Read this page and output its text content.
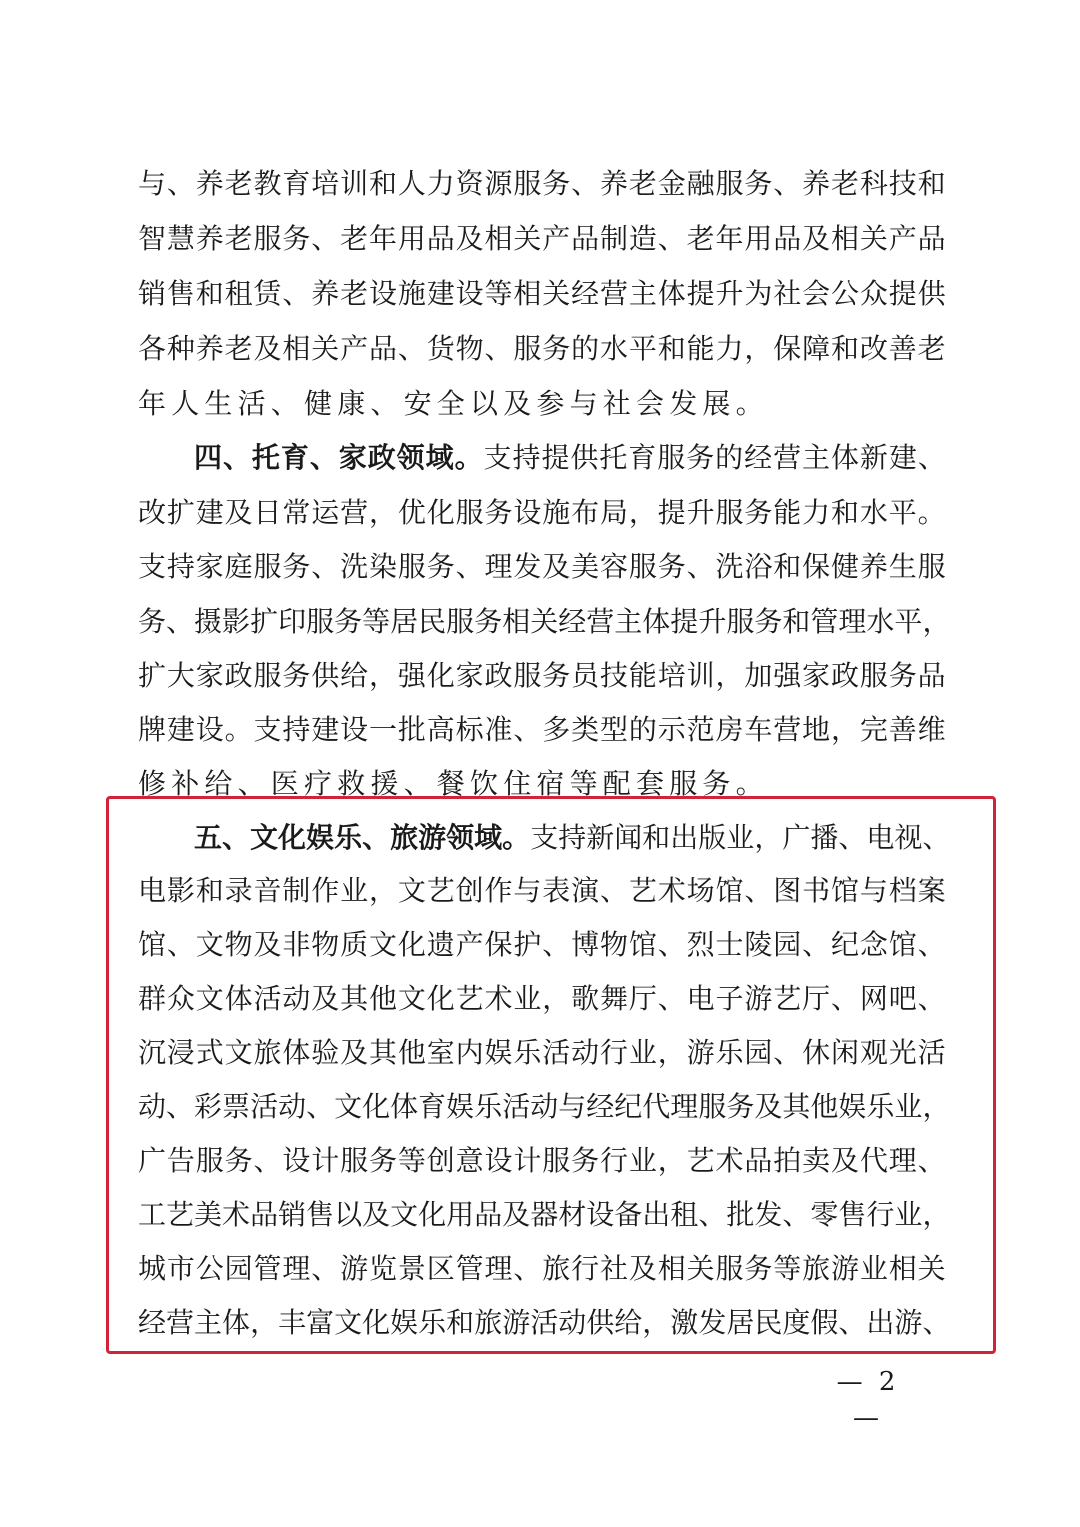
与 、 养 老 教 育 培 训 和 人 力 资 源 服 务 、 养 老 金 融 服 务 、 养 老 科 技 和
智 慧 养 老 服 务 、 老 年 用 品 及 相 关 产 品 制 造 、 老 年 用 品 及 相 关 产 品
销 售 和 租 赁 、 养 老 设 施 建 设 等 相 关 经 营 主 体 提 升 为 社 会 公 众 提 供
各 种 养 老 及 相 关 产 品 、 货 物 、 服 务 的 水 平 和 能 力 ， 保 障 和 改 善 老
年人生活、健康、安全以及参与社会发展。
四 、 托 育 、 家 政 领 域 。 支 持 提 供 托 育 服 务 的 经 营 主 体 新 建 、
改 扩 建 及 日 常 运 营 ， 优 化 服 务 设 施 布 局 ， 提 升 服 务 能 力 和 水 平 。
支 持 家 庭 服 务 、 洗 染 服 务 、 理 发 及 美 容 服 务 、 洗 浴 和 保 健 养 生 服
务 、 摄 影 扩 印 服 务 等 居 民 服 务 相 关 经 营 主 体 提 升 服 务 和 管 理 水 平 ，
扩 大 家 政 服 务 供 给 ， 强 化 家 政 服 务 员 技 能 培 训 ， 加 强 家 政 服 务 品
牌 建 设 。 支 持 建 设 一 批 高 标 准 、 多 类 型 的 示 范 房 车 营 地 ， 完 善 维
修补给、医疗救援、餐饮住宿等配套服务。
五 、 文 化 娱 乐 、 旅 游 领 域 。 支 持 新 闻 和 出 版 业 ， 广 播 、 电 视 、
电 影 和 录 音 制 作 业 ， 文 艺 创 作 与 表 演 、 艺 术 场 馆 、 图 书 馆 与 档 案
馆 、 文 物 及 非 物 质 文 化 遗 产 保 护 、 博 物 馆 、 烈 士 陵 园 、 纪 念 馆 、
群 众 文 体 活 动 及 其 他 文 化 艺 术 业 ， 歌 舞 厅 、 电 子 游 艺 厅 、 网 吧 、
沉 浸 式 文 旅 体 验 及 其 他 室 内 娱 乐 活 动 行 业 ， 游 乐 园 、 休 闲 观 光 活
动 、 彩 票 活 动 、 文 化 体 育 娱 乐 活 动 与 经 纪 代 理 服 务 及 其 他 娱 乐 业 ，
广 告 服 务 、 设 计 服 务 等 创 意 设 计 服 务 行 业 ， 艺 术 品 拍 卖 及 代 理 、
工 艺 美 术 品 销 售 以 及 文 化 用 品 及 器 材 设 备 出 租 、 批 发 、 零 售 行 业 ，
城 市 公 园 管 理 、 游 览 景 区 管 理 、 旅 行 社 及 相 关 服 务 等 旅 游 业 相 关
经 营 主 体 ， 丰 富 文 化 娱 乐 和 旅 游 活 动 供 给 ， 激 发 居 民 度 假 、 出 游 、
— 2 —
